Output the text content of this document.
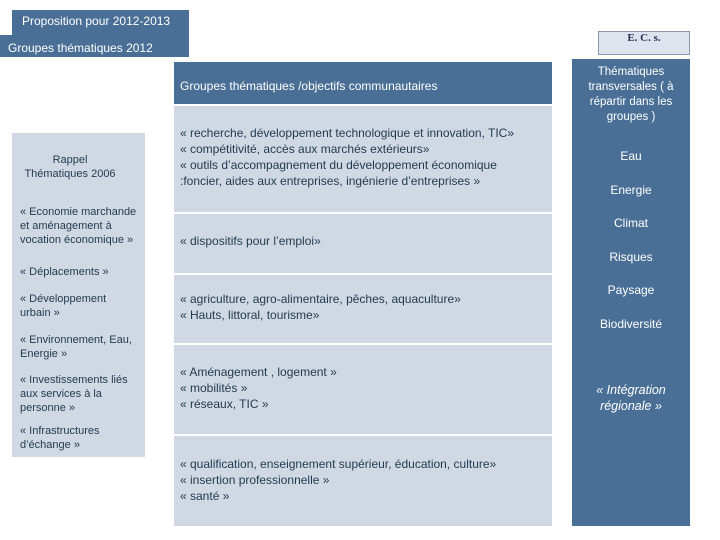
Proposition pour 2012-2013
Groupes thématiques 2012
E. C. s.
Groupes thématiques /objectifs communautaires
« recherche, développement technologique et innovation, TIC»
« compétitivité, accès aux marchés extérieurs»
« outils d’accompagnement du développement économique
:foncier, aides aux entreprises, ingénierie d’entreprises »
« dispositifs pour l’emploi»
« agriculture, agro-alimentaire, pêches, aquaculture»
« Hauts, littoral, tourisme»
« Aménagement , logement »
« mobilités »
« réseaux, TIC »
« qualification, enseignement supérieur, éducation, culture»
« insertion professionnelle »
« santé »
Rappel Thématiques 2006
« Economie marchande et aménagement à vocation économique »
« Déplacements »
« Développement urbain »
« Environnement, Eau, Energie »
« Investissements liés aux services à la personne »
« Infrastructures d’échange »
Thématiques transversales ( à répartir dans les groupes )
Eau
Energie
Climat
Risques
Paysage
Biodiversité
« Intégration régionale »
